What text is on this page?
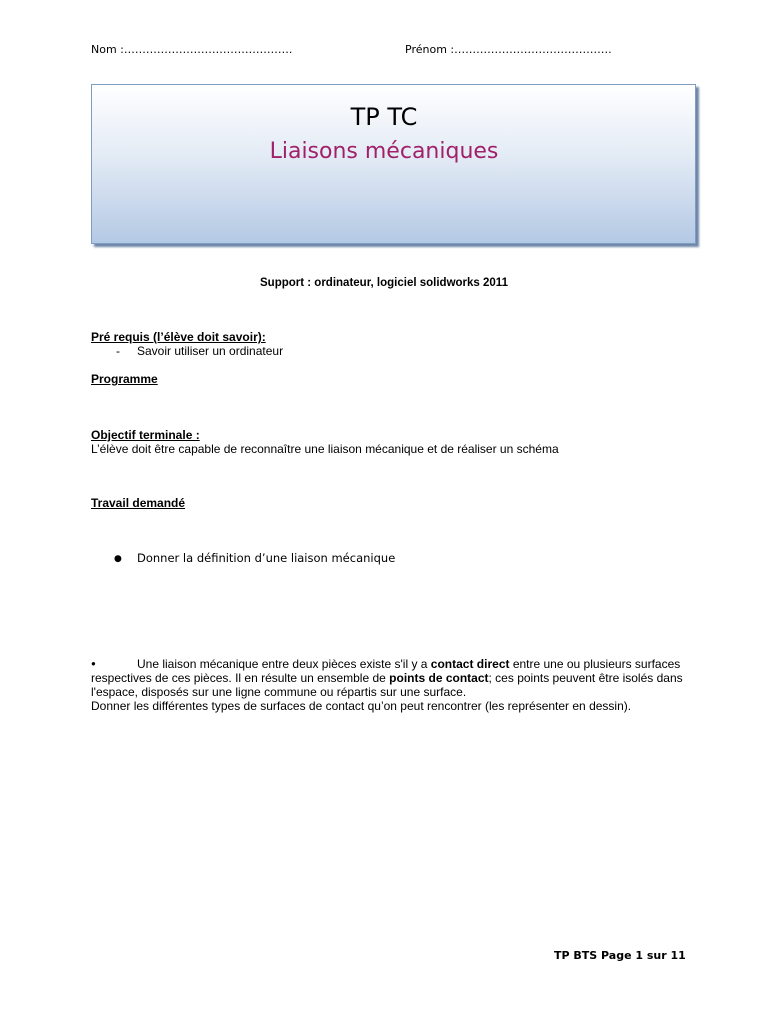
Nom :……………………………………….	Prénom :…………………………………….
TP TC
Liaisons mécaniques
Support : ordinateur, logiciel solidworks 2011
Pré requis (l’élève doit savoir):
- Savoir utiliser un ordinateur
Programme
Objectif terminale :
L’élève doit être capable de reconnaître une liaison mécanique et de réaliser un schéma
Travail demandé
● Donner la définition d’une liaison mécanique
●	Une liaison mécanique entre deux pièces existe s'il y a contact direct entre une ou plusieurs surfaces respectives de ces pièces. Il en résulte un ensemble de points de contact; ces points peuvent être isolés dans l'espace, disposés sur une ligne commune ou répartis sur une surface.
Donner les différentes types de surfaces de contact qu’on peut rencontrer (les représenter en dessin).
TP BTS Page 1 sur 11
